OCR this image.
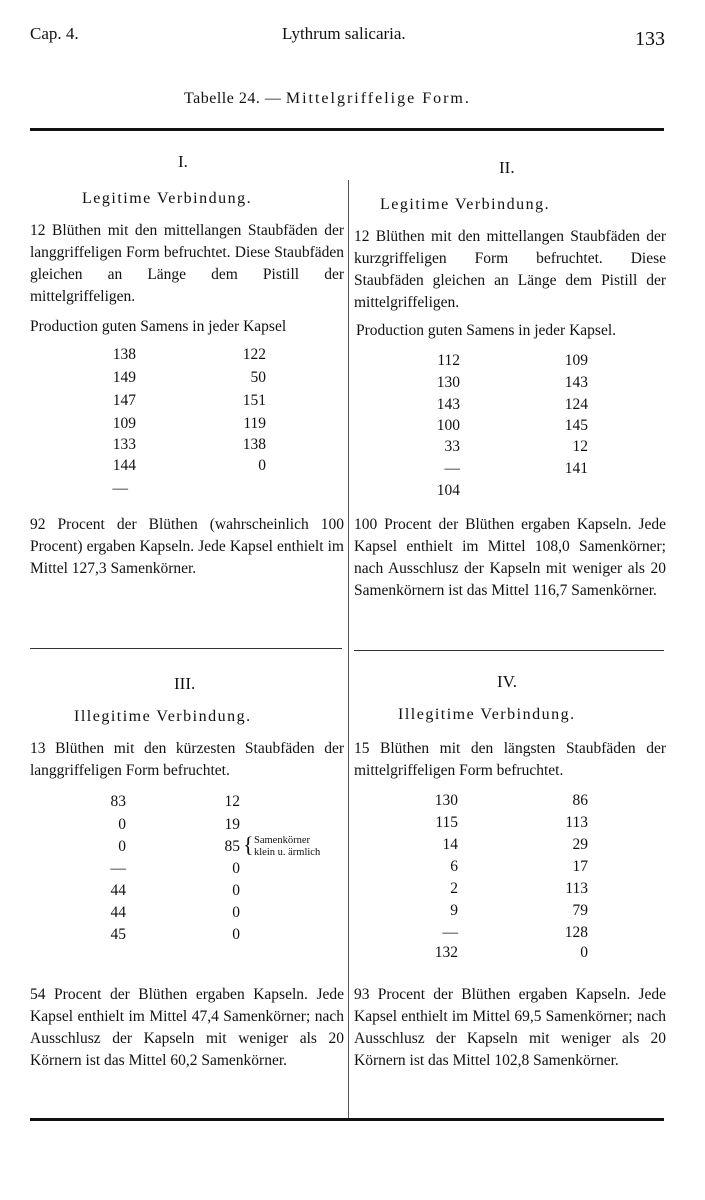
Cap. 4.	Lythrum salicaria.	133
Tabelle 24. — Mittelgriffelige Form.
I.
Legitime Verbindung.
12 Blüthen mit den mittellangen Staubfäden der langgriffeligen Form befruchtet. Diese Staubfäden gleichen an Länge dem Pistill der mittelgriffeligen.
Production guten Samens in jeder Kapsel
138
149
147
109
133
144
—
122
50
151
119
138
0
92 Procent der Blüthen (wahrscheinlich 100 Procent) ergaben Kapseln. Jede Kapsel enthielt im Mittel 127,3 Samenkörner.
II.
Legitime Verbindung.
12 Blüthen mit den mittellangen Staubfäden der kurzgriffeligen Form befruchtet. Diese Staubfäden gleichen an Länge dem Pistill der mittelgriffeligen.
Production guten Samens in jeder Kapsel.
112
130
143
100
33
—
104
109
143
124
145
12
141
100 Procent der Blüthen ergaben Kapseln. Jede Kapsel enthielt im Mittel 108,0 Samenkörner; nach Ausschlusz der Kapseln mit weniger als 20 Samenkörnern ist das Mittel 116,7 Samenkörner.
III.
Illegitime Verbindung.
13 Blüthen mit den kürzesten Staubfäden der langgriffeligen Form befruchtet.
83
0
0
—
44
44
45
12
19
85
0
0
0
0
{ Samenkörner
klein u. ärmlich
54 Procent der Blüthen ergaben Kapseln. Jede Kapsel enthielt im Mittel 47,4 Samenkörner; nach Ausschlusz der Kapseln mit weniger als 20 Körnern ist das Mittel 60,2 Samenkörner.
IV.
Illegitime Verbindung.
15 Blüthen mit den längsten Staubfäden der mittelgriffeligen Form befruchtet.
130
115
14
6
2
9
—
132
86
113
29
17
113
79
128
0
93 Procent der Blüthen ergaben Kapseln. Jede Kapsel enthielt im Mittel 69,5 Samenkörner; nach Ausschlusz der Kapseln mit weniger als 20 Körnern ist das Mittel 102,8 Samenkörner.
